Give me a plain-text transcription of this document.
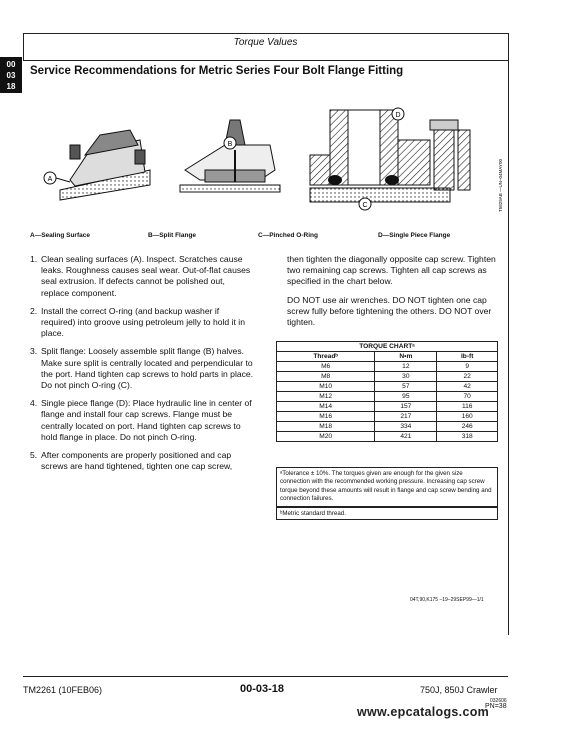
Torque Values
00
03
18
Service Recommendations for Metric Series Four Bolt Flange Fitting
A
B
D
C	T5829AB —UN–04MAY00
A—Sealing Surface	B—Split Flange	C—Pinched O-Ring	D—Single Piece Flange
1. Clean sealing surfaces (A). Inspect. Scratches cause leaks. Roughness causes seal wear. Out-of-flat causes seal extrusion. If defects cannot be polished out, replace component.

2. Install the correct O-ring (and backup washer if required) into groove using petroleum jelly to hold it in place.

3. Split flange: Loosely assemble split flange (B) halves. Make sure split is centrally located and perpendicular to the port. Hand tighten cap screws to hold parts in place. Do not pinch O-ring (C).

4. Single piece flange (D): Place hydraulic line in center of flange and install four cap screws. Flange must be centrally located on port. Hand tighten cap screws to hold flange in place. Do not pinch O-ring.

5. After components are properly positioned and cap screws are hand tightened, tighten one cap screw,

then tighten the diagonally opposite cap screw. Tighten two remaining cap screws. Tighten all cap screws as specified in the chart below.

DO NOT use air wrenches. DO NOT tighten one cap screw fully before tightening the others. DO NOT over tighten.

TORQUE CHARTᵃ		
Threadᵇ	N•m	lb-ft
M6	12	9
M8	30	22
M10	57	42
M12	95	70
M14	157	116
M16	217	160
M18	334	246
M20	421	318
ᵃTolerance ± 10%. The torques given are enough for the given size connection with the recommended working pressure. Increasing cap screw torque beyond these amounts will result in flange and cap screw bending and connection failures.
ᵇMetric standard thread.
04T,90,K175 –19–29SEP99—1/1
TM2261 (10FEB06)	00-03-18	750J, 850J Crawler
032606
PN=38
www.epcatalogs.com
